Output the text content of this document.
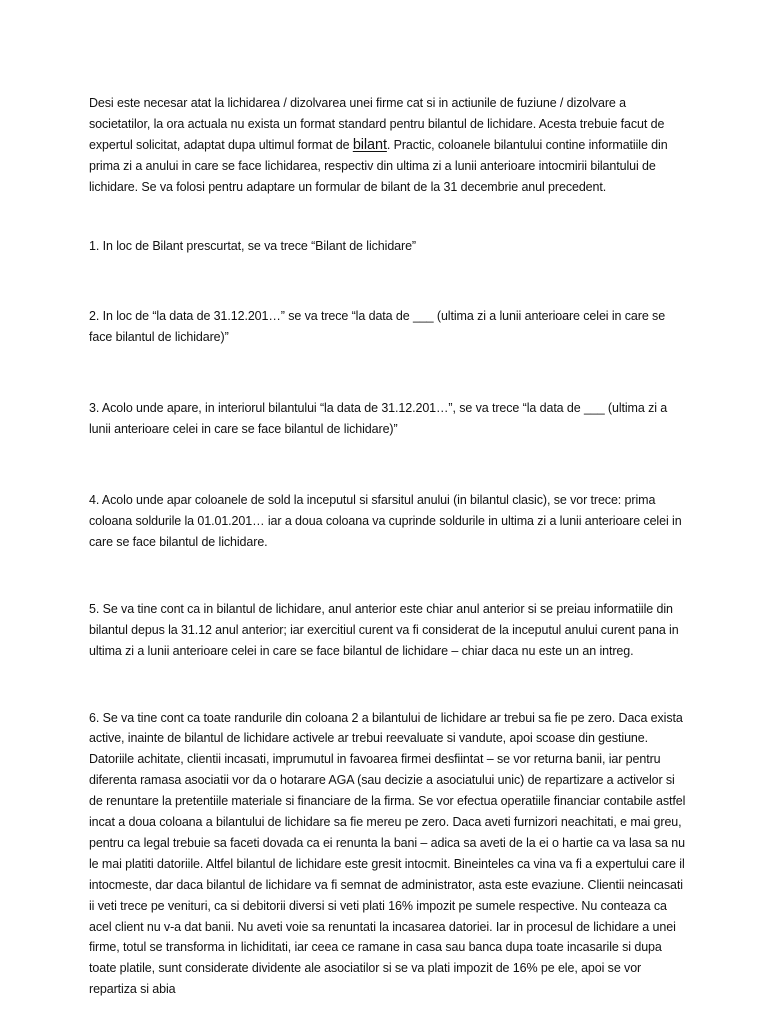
Desi este necesar atat la lichidarea / dizolvarea unei firme cat si in actiunile de fuziune / dizolvare a societatilor, la ora actuala nu exista un format standard pentru bilantul de lichidare. Acesta trebuie facut de expertul solicitat, adaptat dupa ultimul format de bilant. Practic, coloanele bilantului contine informatiile din prima zi a anului in care se face lichidarea, respectiv din ultima zi a lunii anterioare intocmirii bilantului de lichidare. Se va folosi pentru adaptare un formular de bilant de la 31 decembrie anul precedent.

1. In loc de Bilant prescurtat, se va trece “Bilant de lichidare”

2. In loc de “la data de 31.12.201…” se va trece “la data de ___ (ultima zi a lunii anterioare celei in care se face bilantul de lichidare)”

3. Acolo unde apare, in interiorul bilantului “la data de 31.12.201…”, se va trece “la data de ___ (ultima zi a lunii anterioare celei in care se face bilantul de lichidare)”

4. Acolo unde apar coloanele de sold la inceputul si sfarsitul anului (in bilantul clasic), se vor trece: prima coloana soldurile la 01.01.201… iar a doua coloana va cuprinde soldurile in ultima zi a lunii anterioare celei in care se face bilantul de lichidare.

5. Se va tine cont ca in bilantul de lichidare, anul anterior este chiar anul anterior si se preiau informatiile din bilantul depus la 31.12 anul anterior; iar exercitiul curent va fi considerat de la inceputul anului curent pana in ultima zi a lunii anterioare celei in care se face bilantul de lichidare – chiar daca nu este un an intreg.

6. Se va tine cont ca toate randurile din coloana 2 a bilantului de lichidare ar trebui sa fie pe zero. Daca exista active, inainte de bilantul de lichidare activele ar trebui reevaluate si vandute, apoi scoase din gestiune. Datoriile achitate, clientii incasati, imprumutul in favoarea firmei desfiintat – se vor returna banii, iar pentru diferenta ramasa asociatii vor da o hotarare AGA (sau decizie a asociatului unic) de repartizare a activelor si de renuntare la pretentiile materiale si financiare de la firma. Se vor efectua operatiile financiar contabile astfel incat a doua coloana a bilantului de lichidare sa fie mereu pe zero. Daca aveti furnizori neachitati, e mai greu, pentru ca legal trebuie sa faceti dovada ca ei renunta la bani – adica sa aveti de la ei o hartie ca va lasa sa nu le mai platiti datoriile. Altfel bilantul de lichidare este gresit intocmit. Bineinteles ca vina va fi a expertului care il intocmeste, dar daca bilantul de lichidare va fi semnat de administrator, asta este evaziune. Clientii neincasati ii veti trece pe venituri, ca si debitorii diversi si veti plati 16% impozit pe sumele respective. Nu conteaza ca acel client nu v-a dat banii. Nu aveti voie sa renuntati la incasarea datoriei. Iar in procesul de lichidare a unei firme, totul se transforma in lichiditati, iar ceea ce ramane in casa sau banca dupa toate incasarile si dupa toate platile, sunt considerate dividente ale asociatilor si se va plati impozit de 16% pe ele, apoi se vor repartiza si abia
